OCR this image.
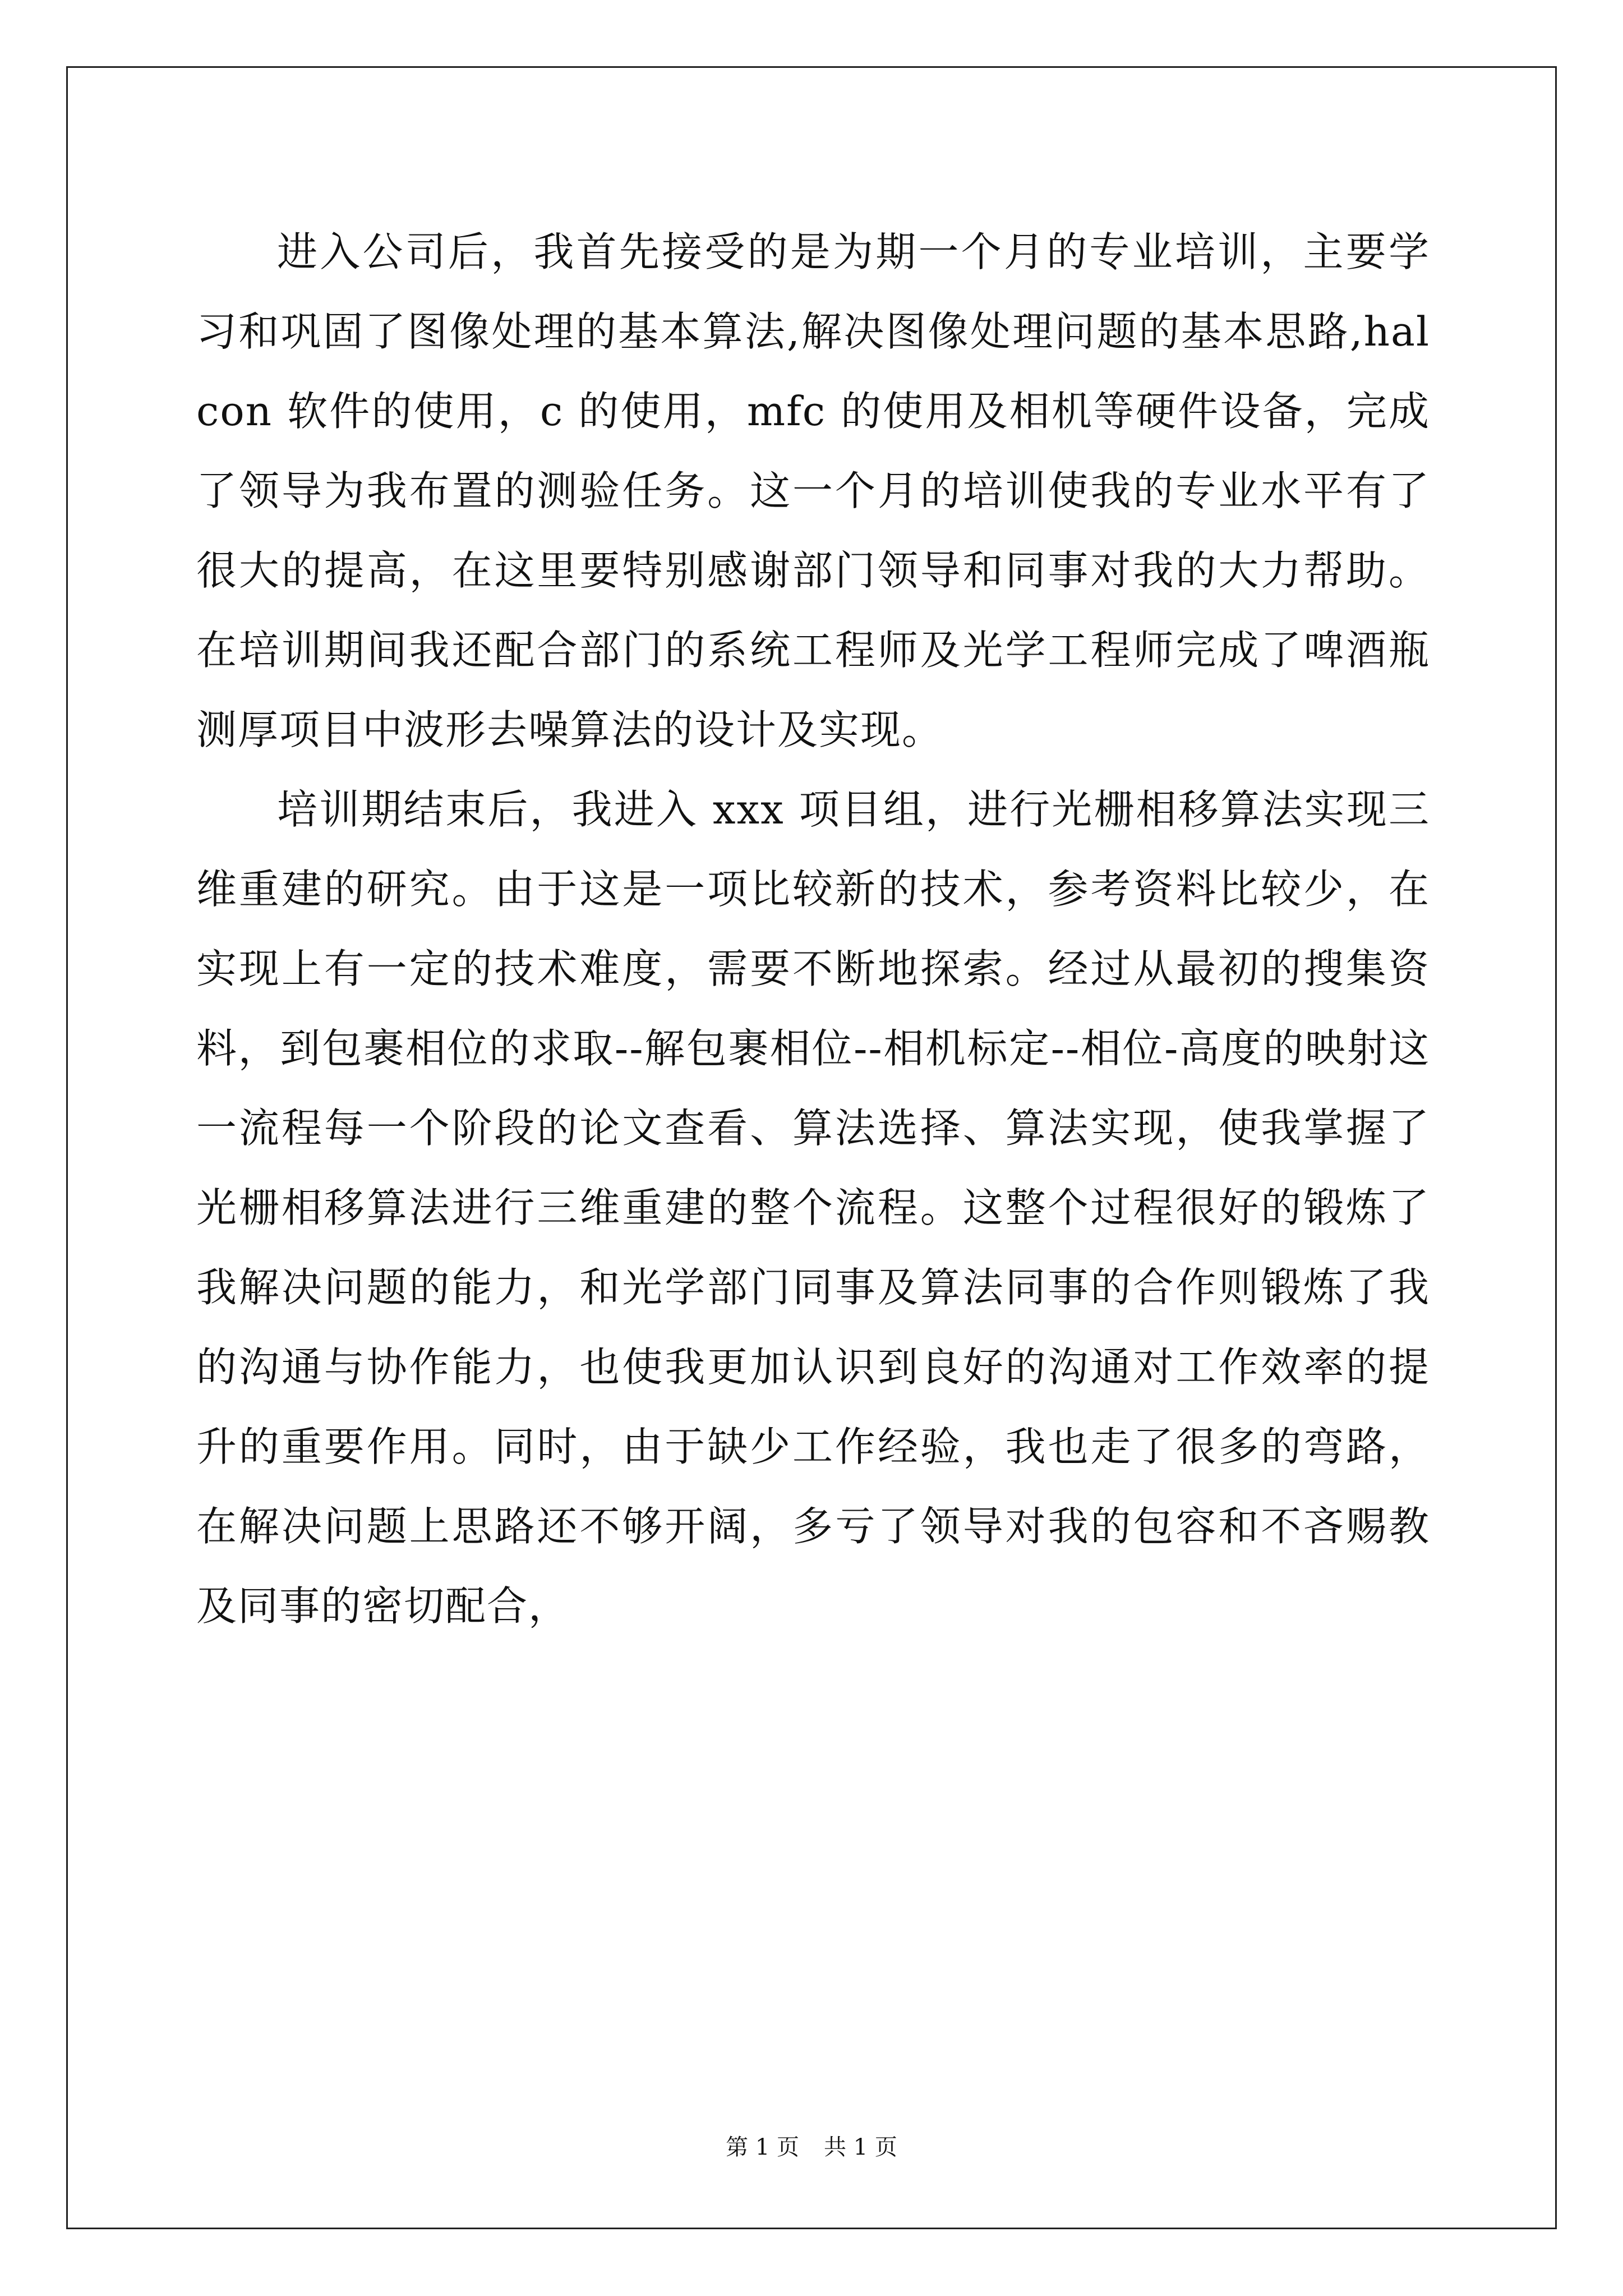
进入公司后，我首先接受的是为期一个月的专业培训，主要学习和巩固了图像处理的基本算法,解决图像处理问题的基本思路,halcon 软件的使用，c 的使用，mfc 的使用及相机等硬件设备，完成了领导为我布置的测验任务。这一个月的培训使我的专业水平有了很大的提高，在这里要特别感谢部门领导和同事对我的大力帮助。在培训期间我还配合部门的系统工程师及光学工程师完成了啤酒瓶测厚项目中波形去噪算法的设计及实现。

培训期结束后，我进入 xxx 项目组，进行光栅相移算法实现三维重建的研究。由于这是一项比较新的技术，参考资料比较少，在实现上有一定的技术难度，需要不断地探索。经过从最初的搜集资料，到包裹相位的求取--解包裹相位--相机标定--相位-高度的映射这一流程每一个阶段的论文查看、算法选择、算法实现，使我掌握了光栅相移算法进行三维重建的整个流程。这整个过程很好的锻炼了我解决问题的能力，和光学部门同事及算法同事的合作则锻炼了我的沟通与协作能力，也使我更加认识到良好的沟通对工作效率的提升的重要作用。同时，由于缺少工作经验，我也走了很多的弯路，在解决问题上思路还不够开阔，多亏了领导对我的包容和不吝赐教及同事的密切配合，

第 1 页 共 1 页
